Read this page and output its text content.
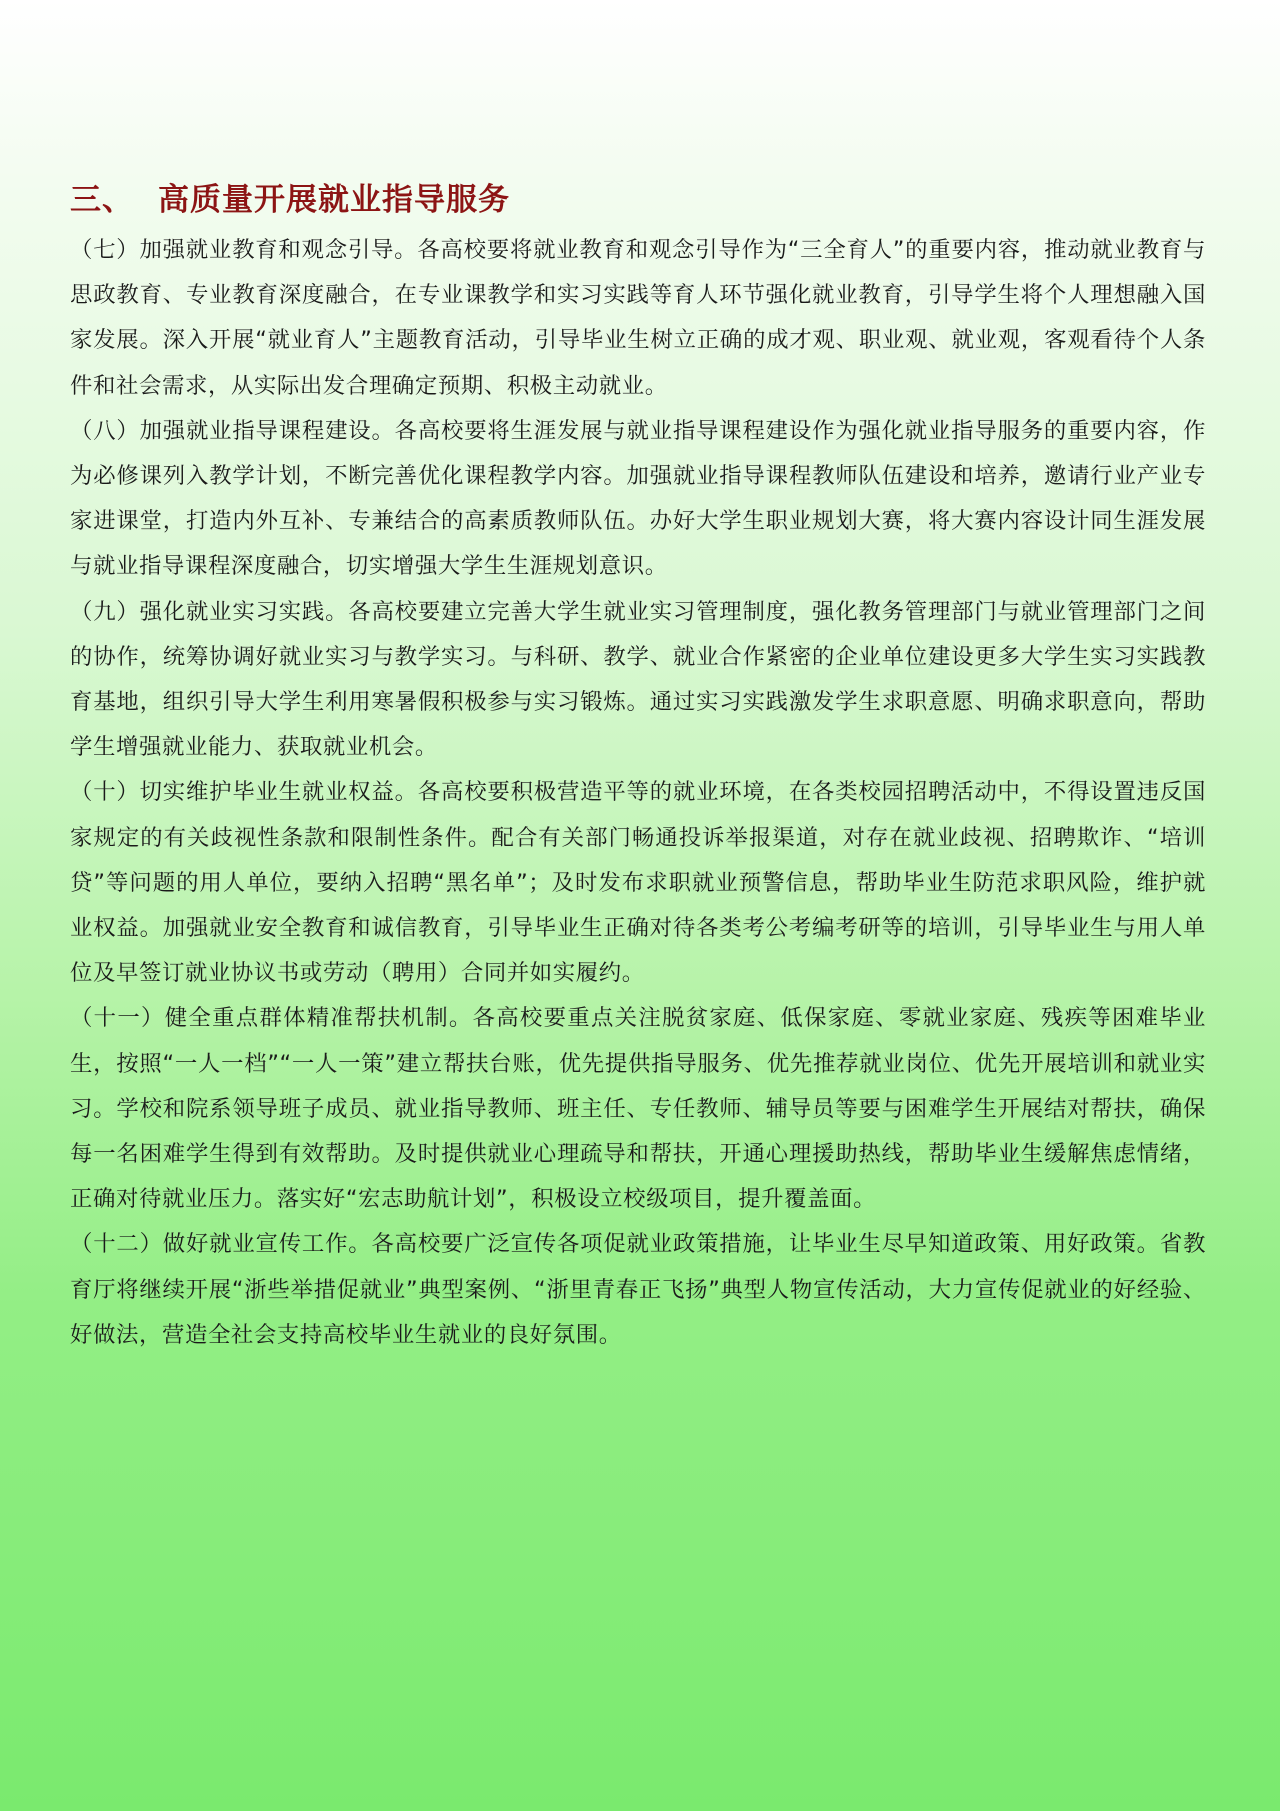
三、 高质量开展就业指导服务

（七）加强就业教育和观念引导。各高校要将就业教育和观念引导作为“三全育人”的重要内容，推动就业教育与思政教育、专业教育深度融合，在专业课教学和实习实践等育人环节强化就业教育，引导学生将个人理想融入国家发展。深入开展“就业育人”主题教育活动，引导毕业生树立正确的成才观、职业观、就业观，客观看待个人条件和社会需求，从实际出发合理确定预期、积极主动就业。

（八）加强就业指导课程建设。各高校要将生涯发展与就业指导课程建设作为强化就业指导服务的重要内容，作为必修课列入教学计划，不断完善优化课程教学内容。加强就业指导课程教师队伍建设和培养，邀请行业产业专家进课堂，打造内外互补、专兼结合的高素质教师队伍。办好大学生职业规划大赛，将大赛内容设计同生涯发展与就业指导课程深度融合，切实增强大学生生涯规划意识。

（九）强化就业实习实践。各高校要建立完善大学生就业实习管理制度，强化教务管理部门与就业管理部门之间的协作，统筹协调好就业实习与教学实习。与科研、教学、就业合作紧密的企业单位建设更多大学生实习实践教育基地，组织引导大学生利用寒暑假积极参与实习锻炼。通过实习实践激发学生求职意愿、明确求职意向，帮助学生增强就业能力、获取就业机会。

（十）切实维护毕业生就业权益。各高校要积极营造平等的就业环境，在各类校园招聘活动中，不得设置违反国家规定的有关歧视性条款和限制性条件。配合有关部门畅通投诉举报渠道，对存在就业歧视、招聘欺诈、“培训贷”等问题的用人单位，要纳入招聘“黑名单”；及时发布求职就业预警信息，帮助毕业生防范求职风险，维护就业权益。加强就业安全教育和诚信教育，引导毕业生正确对待各类考公考编考研等的培训，引导毕业生与用人单位及早签订就业协议书或劳动（聘用）合同并如实履约。

（十一）健全重点群体精准帮扶机制。各高校要重点关注脱贫家庭、低保家庭、零就业家庭、残疾等困难毕业生，按照“一人一档”“一人一策”建立帮扶台账，优先提供指导服务、优先推荐就业岗位、优先开展培训和就业实习。学校和院系领导班子成员、就业指导教师、班主任、专任教师、辅导员等要与困难学生开展结对帮扶，确保每一名困难学生得到有效帮助。及时提供就业心理疏导和帮扶，开通心理援助热线，帮助毕业生缓解焦虑情绪，正确对待就业压力。落实好“宏志助航计划”，积极设立校级项目，提升覆盖面。

（十二）做好就业宣传工作。各高校要广泛宣传各项促就业政策措施，让毕业生尽早知道政策、用好政策。省教育厅将继续开展“浙些举措促就业”典型案例、“浙里青春正飞扬”典型人物宣传活动，大力宣传促就业的好经验、好做法，营造全社会支持高校毕业生就业的良好氛围。
